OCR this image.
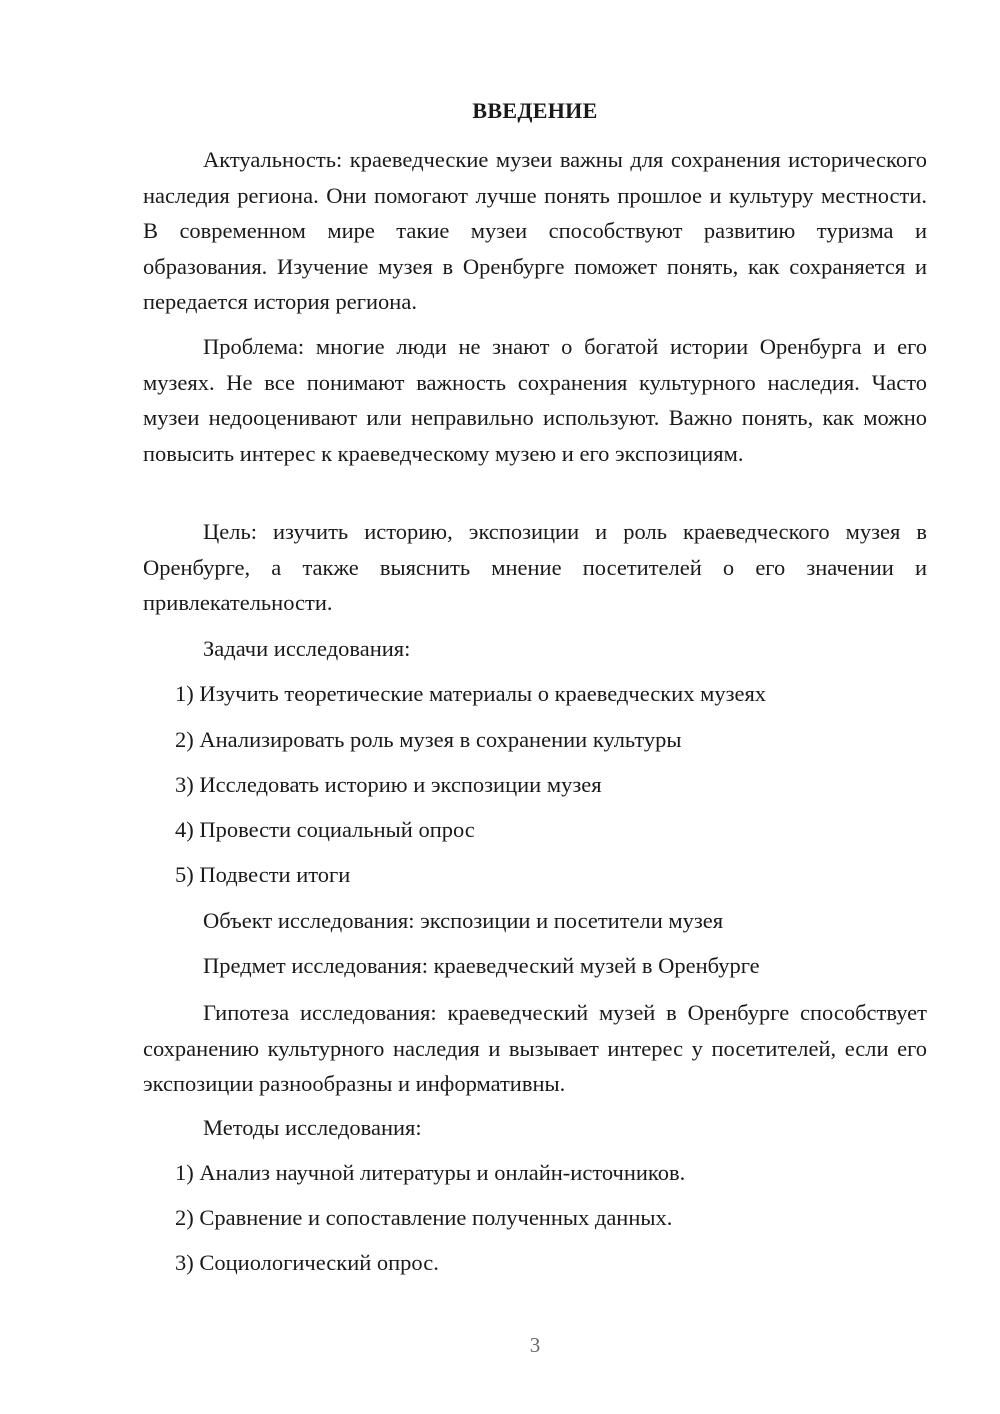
ВВЕДЕНИЕ

Актуальность: краеведческие музеи важны для сохранения исторического наследия региона. Они помогают лучше понять прошлое и культуру местности. В современном мире такие музеи способствуют развитию туризма и образования. Изучение музея в Оренбурге поможет понять, как сохраняется и передается история региона.

Проблема: многие люди не знают о богатой истории Оренбурга и его музеях. Не все понимают важность сохранения культурного наследия. Часто музеи недооценивают или неправильно используют. Важно понять, как можно повысить интерес к краеведческому музею и его экспозициям.

Цель: изучить историю, экспозиции и роль краеведческого музея в Оренбурге, а также выяснить мнение посетителей о его значении и привлекательности.

Задачи исследования:
1) Изучить теоретические материалы о краеведческих музеях
2) Анализировать роль музея в сохранении культуры
3) Исследовать историю и экспозиции музея
4) Провести социальный опрос
5) Подвести итоги
Объект исследования: экспозиции и посетители музея
Предмет исследования: краеведческий музей в Оренбурге

Гипотеза исследования: краеведческий музей в Оренбурге способствует сохранению культурного наследия и вызывает интерес у посетителей, если его экспозиции разнообразны и информативны.

Методы исследования:
1) Анализ научной литературы и онлайн-источников.
2) Сравнение и сопоставление полученных данных.
3) Социологический опрос.
3
